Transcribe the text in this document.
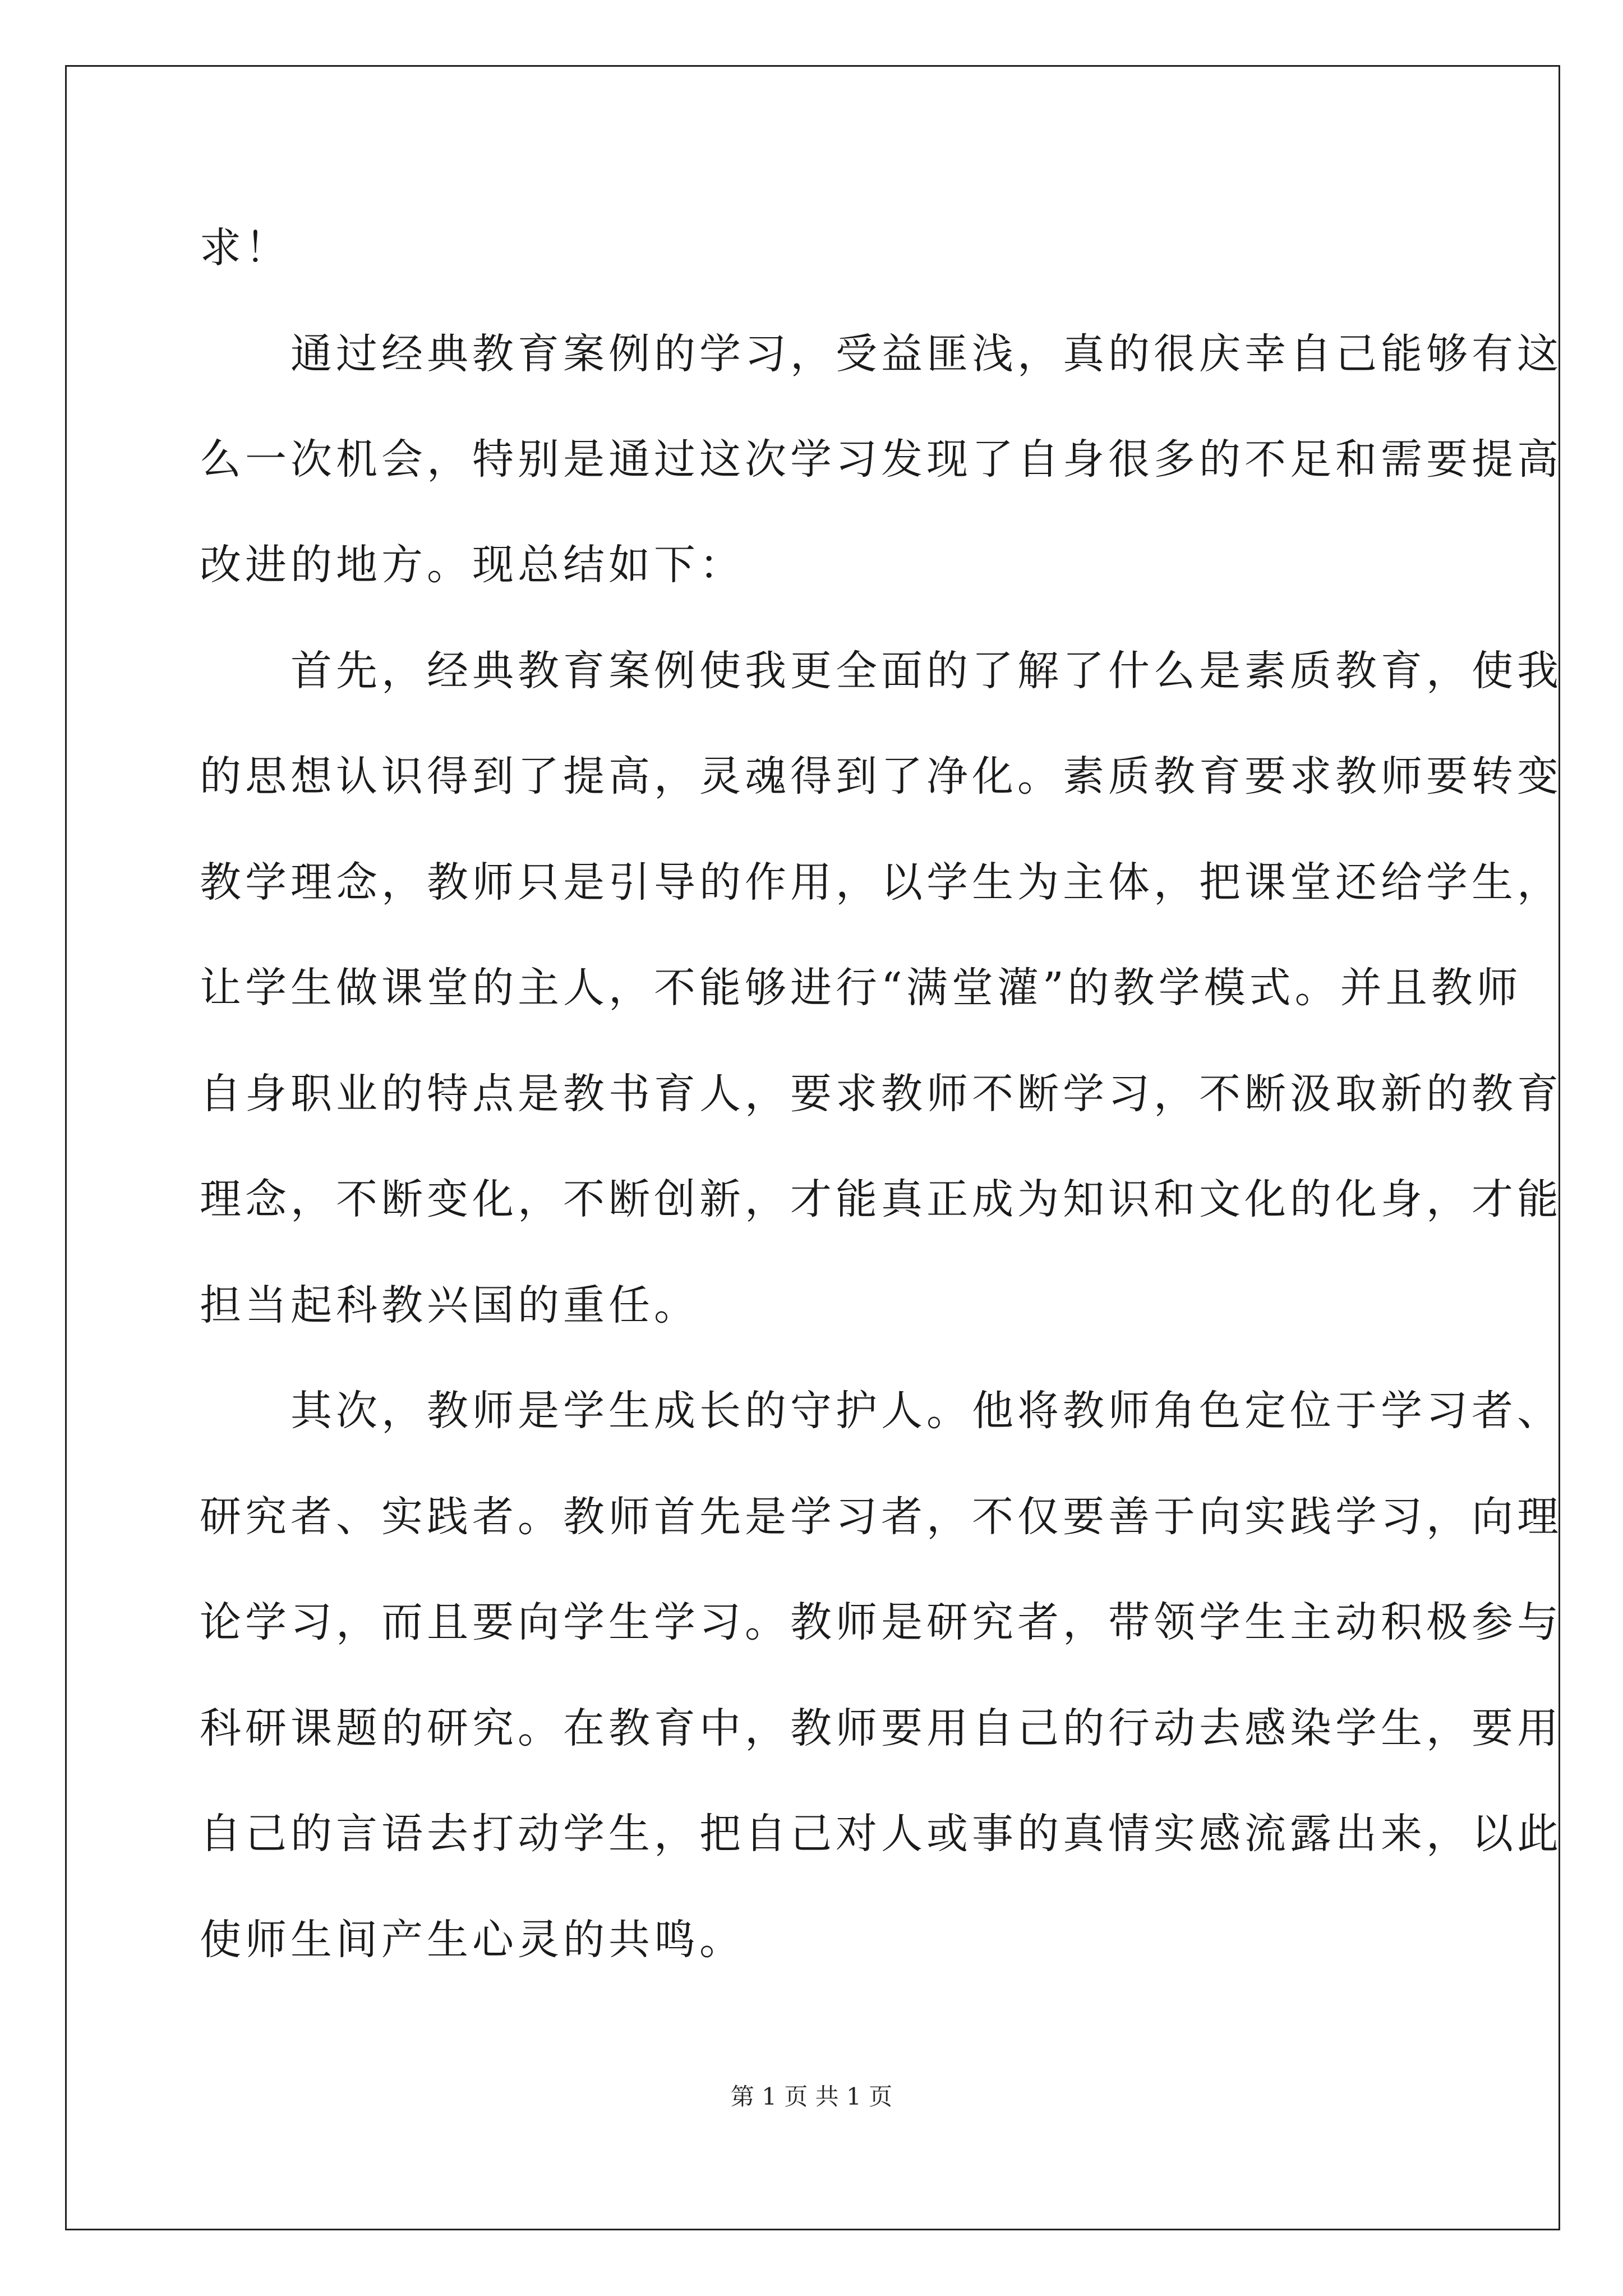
求！
　　通过经典教育案例的学习，受益匪浅，真的很庆幸自己能够有这
么一次机会，特别是通过这次学习发现了自身很多的不足和需要提高
改进的地方。现总结如下：
　　首先，经典教育案例使我更全面的了解了什么是素质教育，使我
的思想认识得到了提高，灵魂得到了净化。素质教育要求教师要转变
教学理念，教师只是引导的作用，以学生为主体，把课堂还给学生，
让学生做课堂的主人，不能够进行“满堂灌”的教学模式。并且教师
自身职业的特点是教书育人，要求教师不断学习，不断汲取新的教育
理念，不断变化，不断创新，才能真正成为知识和文化的化身，才能
担当起科教兴国的重任。
　　其次，教师是学生成长的守护人。他将教师角色定位于学习者、
研究者、实践者。教师首先是学习者，不仅要善于向实践学习，向理
论学习，而且要向学生学习。教师是研究者，带领学生主动积极参与
科研课题的研究。在教育中，教师要用自己的行动去感染学生，要用
自己的言语去打动学生，把自己对人或事的真情实感流露出来，以此
使师生间产生心灵的共鸣。
第 1 页 共 1 页
